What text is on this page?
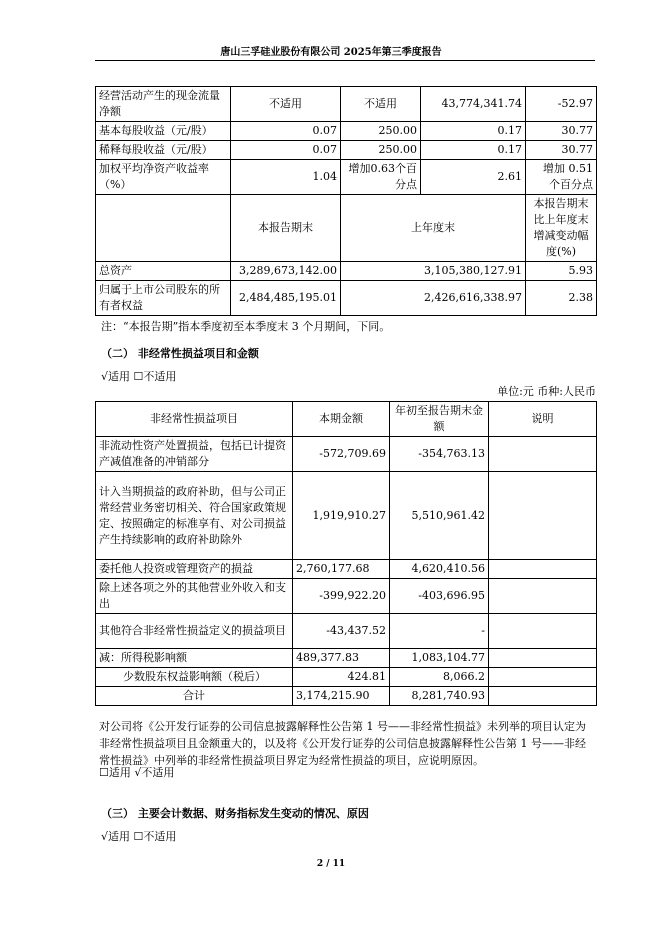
唐山三孚硅业股份有限公司 2025年第三季度报告
经营活动产生的现金流量净额	不适用	不适用	43,774,341.74	-52.97
基本每股收益（元/股）	0.07	250.00	0.17	30.77
稀释每股收益（元/股）	0.07	250.00	0.17	30.77
加权平均净资产收益率（%）	1.04	增加0.63个百分点	2.61	增加 0.51 个百分点
	本报告期末	上年度末		本报告期末比上年度末增减变动幅度(%)
总资产	3,289,673,142.00	3,105,380,127.91		5.93
归属于上市公司股东的所有者权益	2,484,485,195.01	2,426,616,338.97		2.38
注：“本报告期”指本季度初至本季度末 3 个月期间，下同。
（二） 非经常性损益项目和金额
√适用 ☐不适用
单位:元 币种:人民币
非经常性损益项目	本期金额	年初至报告期末金额	说明
非流动性资产处置损益，包括已计提资产减值准备的冲销部分	-572,709.69	-354,763.13	
计入当期损益的政府补助，但与公司正常经营业务密切相关、符合国家政策规定、按照确定的标准享有、对公司损益产生持续影响的政府补助除外	1,919,910.27	5,510,961.42	
委托他人投资或管理资产的损益	2,760,177.68	4,620,410.56	
除上述各项之外的其他营业外收入和支出	-399,922.20	-403,696.95	
其他符合非经常性损益定义的损益项目	-43,437.52	-	
减：所得税影响额	489,377.83	1,083,104.77	
少数股东权益影响额（税后）	424.81	8,066.2	
合计	3,174,215.90	8,281,740.93	
对公司将《公开发行证券的公司信息披露解释性公告第 1 号——非经常性损益》未列举的项目认定为非经常性损益项目且金额重大的，以及将《公开发行证券的公司信息披露解释性公告第 1 号——非经常性损益》中列举的非经常性损益项目界定为经常性损益的项目，应说明原因。
☐适用 √不适用
（三） 主要会计数据、财务指标发生变动的情况、原因
√适用 ☐不适用
2 / 11
